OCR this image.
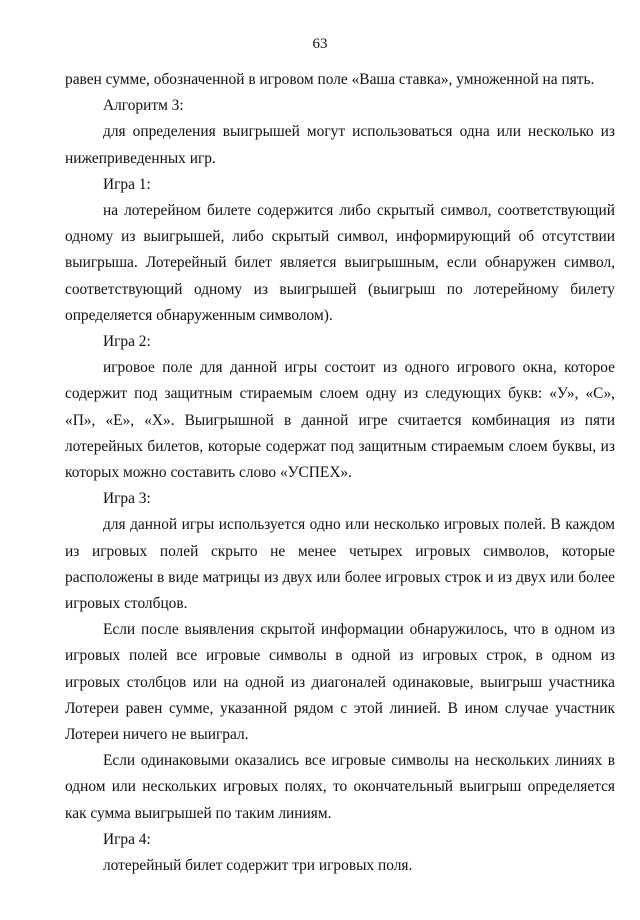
63

равен сумме, обозначенной в игровом поле «Ваша ставка», умноженной на пять.

Алгоритм 3:

для определения выигрышей могут использоваться одна или несколько из нижеприведенных игр.

Игра 1:

на лотерейном билете содержится либо скрытый символ, соответствующий одному из выигрышей, либо скрытый символ, информирующий об отсутствии выигрыша. Лотерейный билет является выигрышным, если обнаружен символ, соответствующий одному из выигрышей (выигрыш по лотерейному билету определяется обнаруженным символом).

Игра 2:

игровое поле для данной игры состоит из одного игрового окна, которое содержит под защитным стираемым слоем одну из следующих букв: «У», «С», «П», «Е», «Х». Выигрышной в данной игре считается комбинация из пяти лотерейных билетов, которые содержат под защитным стираемым слоем буквы, из которых можно составить слово «УСПЕХ».

Игра 3:

для данной игры используется одно или несколько игровых полей. В каждом из игровых полей скрыто не менее четырех игровых символов, которые расположены в виде матрицы из двух или более игровых строк и из двух или более игровых столбцов.

Если после выявления скрытой информации обнаружилось, что в одном из игровых полей все игровые символы в одной из игровых строк, в одном из игровых столбцов или на одной из диагоналей одинаковые, выигрыш участника Лотереи равен сумме, указанной рядом с этой линией. В ином случае участник Лотереи ничего не выиграл.

Если одинаковыми оказались все игровые символы на нескольких линиях в одном или нескольких игровых полях, то окончательный выигрыш определяется как сумма выигрышей по таким линиям.

Игра 4:

лотерейный билет содержит три игровых поля.
